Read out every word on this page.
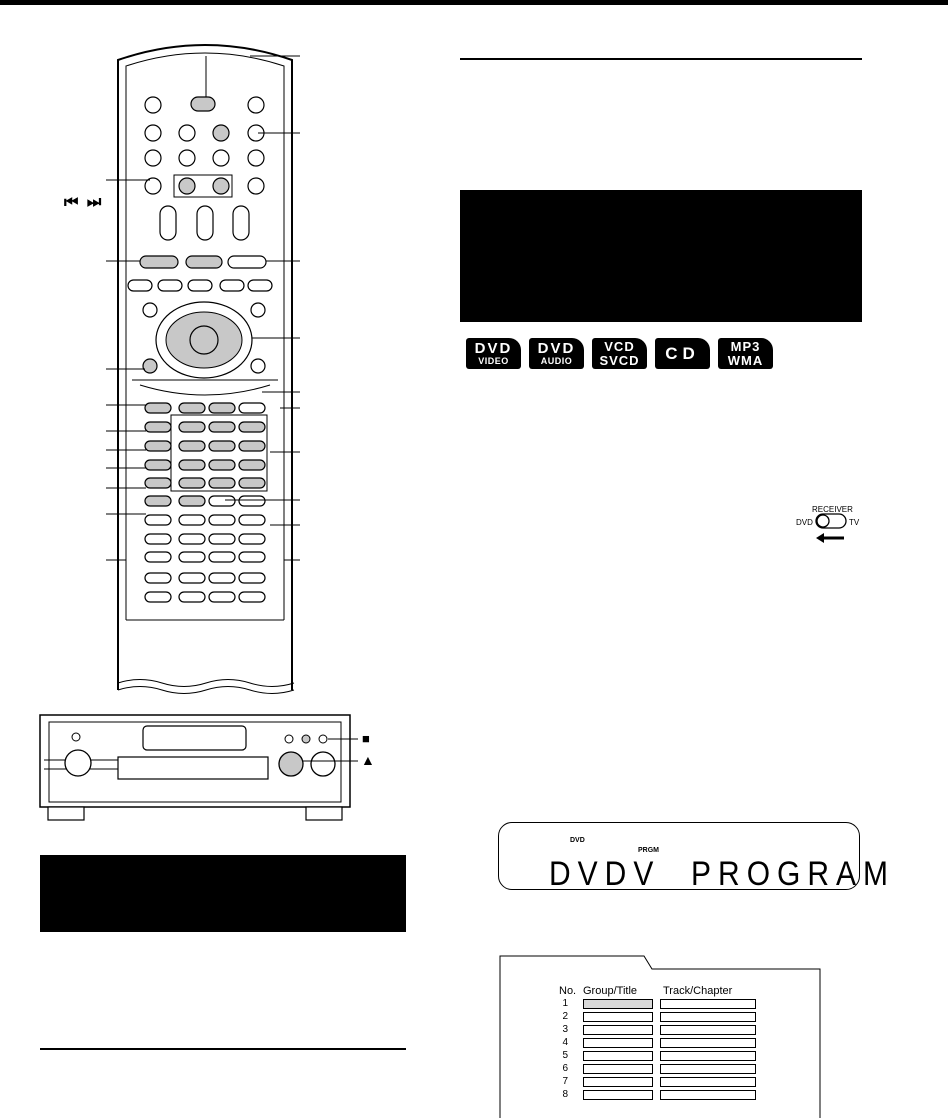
⏮ ⏭
■
▲
DVD
VIDEO
DVD
AUDIO
VCD
SVCD CD MP3
WMA
RECEIVER
DVD	TV
DVD
PRGM
DVDV  PROGRAM
No. Group/Title Track/Chapter
1
2
3
4
5
6
7
8
